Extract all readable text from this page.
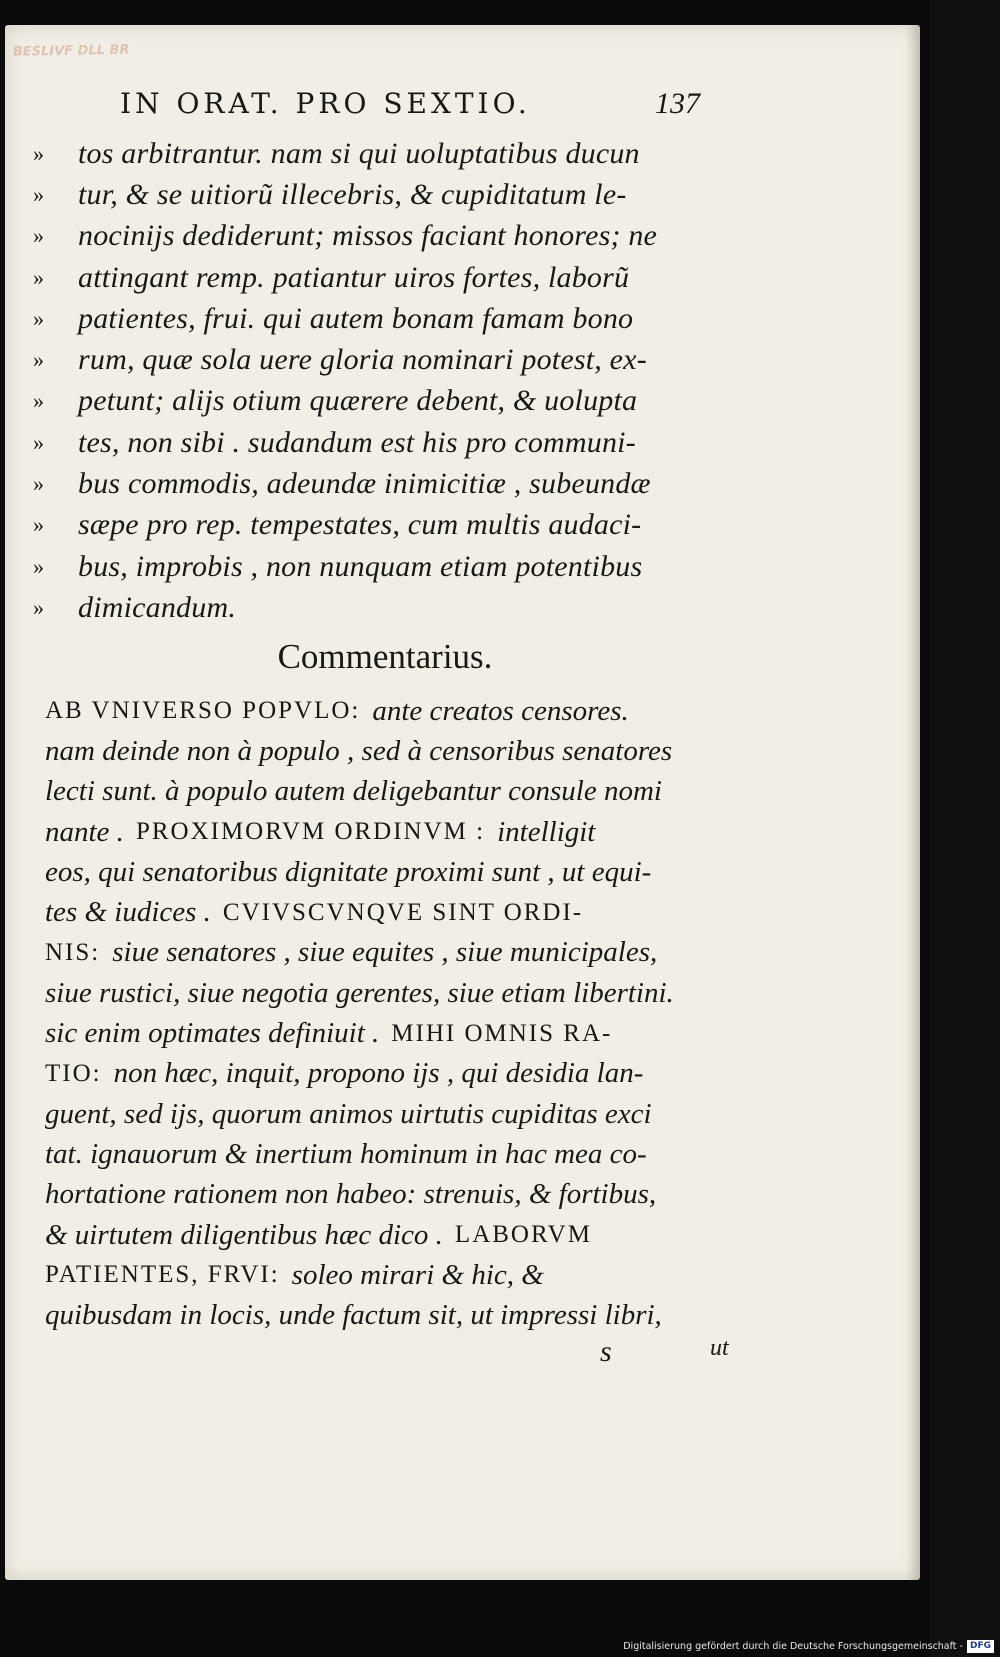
BESLIVF DLL BR
IN ORAT. PRO SEXTIO.	137
»	tos arbitrantur. nam si qui uoluptatibus ducun
»	tur, & se uitiorũ illecebris, & cupiditatum le-
»	nocinijs dediderunt; missos faciant honores; ne
»	attingant remp. patiantur uiros fortes, laborũ
»	patientes, frui. qui autem bonam famam bono
»	rum, quæ sola uere gloria nominari potest, ex-
»	petunt; alijs otium quærere debent, & uolupta
»	tes, non sibi . sudandum est his pro communi-
»	bus commodis, adeundæ inimicitiæ , subeundæ
»	sæpe pro rep. tempestates, cum multis audaci-
»	bus, improbis , non nunquam etiam potentibus
»	dimicandum.
Commentarius.
AB VNIVERSO POPVLO: ante creatos censores.
nam deinde non à populo , sed à censoribus senatores
lecti sunt. à populo autem deligebantur consule nomi
nante . PROXIMORVM ORDINVM : intelligit
eos, qui senatoribus dignitate proximi sunt , ut equi-
tes & iudices . CVIVSCVNQVE SINT ORDI-
NIS: siue senatores , siue equites , siue municipales,
siue rustici, siue negotia gerentes, siue etiam libertini.
sic enim optimates definiuit . MIHI OMNIS RA-
TIO: non hæc, inquit, propono ijs , qui desidia lan-
guent, sed ijs, quorum animos uirtutis cupiditas exci
tat. ignauorum & inertium hominum in hac mea co-
hortatione rationem non habeo: strenuis, & fortibus,
& uirtutem diligentibus hæc dico . LABORVM
PATIENTES, FRVI: soleo mirari & hic, &
quibusdam in locis, unde factum sit, ut impressi libri,
s	ut
Digitalisierung gefördert durch die Deutsche Forschungsgemeinschaft - DFG
